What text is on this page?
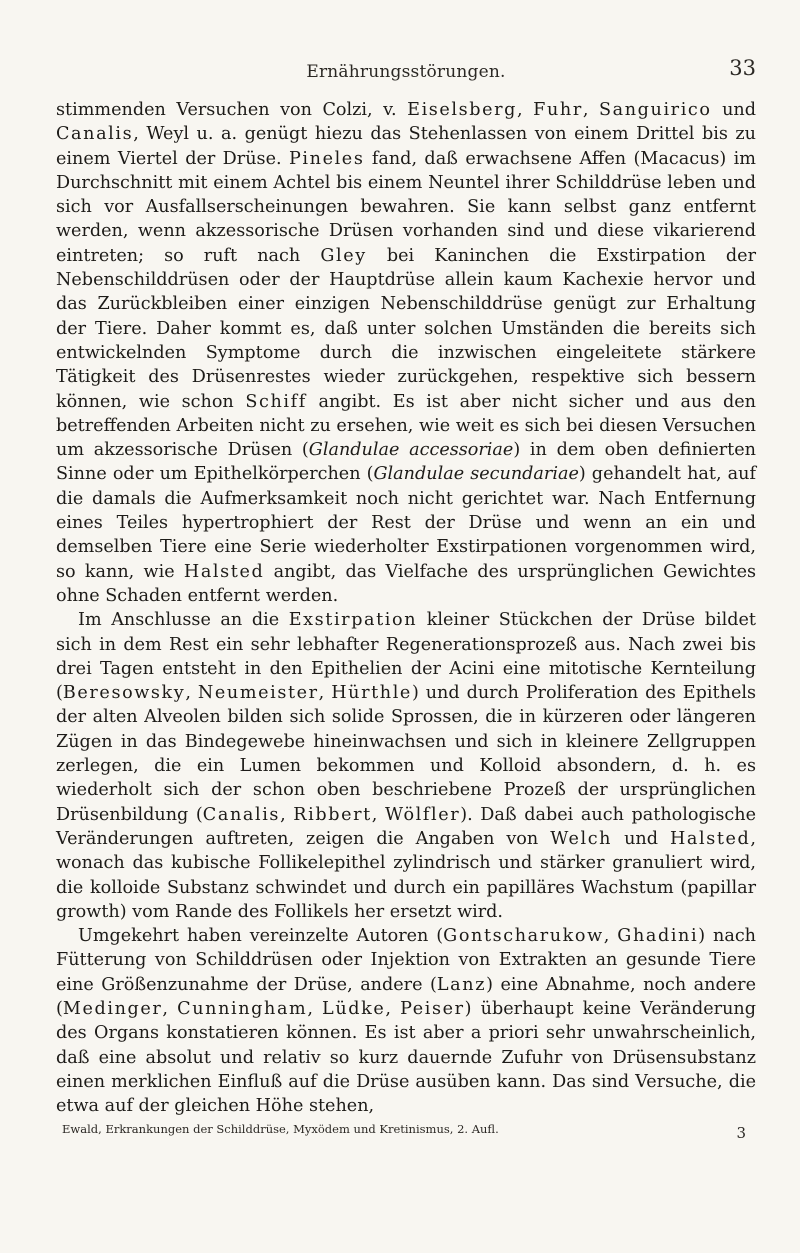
Ernährungsstörungen.	33

stimmenden Versuchen von Colzi, v. Eiselsberg, Fuhr, Sanguirico und Canalis, Weyl u. a. genügt hiezu das Stehenlassen von einem Drittel bis zu einem Viertel der Drüse. Pineles fand, daß erwachsene Affen (Macacus) im Durchschnitt mit einem Achtel bis einem Neuntel ihrer Schilddrüse leben und sich vor Ausfallserscheinungen bewahren. Sie kann selbst ganz entfernt werden, wenn akzessorische Drüsen vorhanden sind und diese vikarierend eintreten; so ruft nach Gley bei Kaninchen die Exstirpation der Nebenschilddrüsen oder der Hauptdrüse allein kaum Kachexie hervor und das Zurückbleiben einer einzigen Nebenschilddrüse genügt zur Erhaltung der Tiere. Daher kommt es, daß unter solchen Umständen die bereits sich entwickelnden Symptome durch die inzwischen eingeleitete stärkere Tätigkeit des Drüsenrestes wieder zurückgehen, respektive sich bessern können, wie schon Schiff angibt. Es ist aber nicht sicher und aus den betreffenden Arbeiten nicht zu ersehen, wie weit es sich bei diesen Versuchen um akzessorische Drüsen (Glandulae accessoriae) in dem oben definierten Sinne oder um Epithelkörperchen (Glandulae secundariae) gehandelt hat, auf die damals die Aufmerksamkeit noch nicht gerichtet war. Nach Entfernung eines Teiles hypertrophiert der Rest der Drüse und wenn an ein und demselben Tiere eine Serie wiederholter Exstirpationen vorgenommen wird, so kann, wie Halsted angibt, das Vielfache des ursprünglichen Gewichtes ohne Schaden entfernt werden.

Im Anschlusse an die Exstirpation kleiner Stückchen der Drüse bildet sich in dem Rest ein sehr lebhafter Regenerationsprozeß aus. Nach zwei bis drei Tagen entsteht in den Epithelien der Acini eine mitotische Kernteilung (Beresowsky, Neumeister, Hürthle) und durch Proliferation des Epithels der alten Alveolen bilden sich solide Sprossen, die in kürzeren oder längeren Zügen in das Bindegewebe hineinwachsen und sich in kleinere Zellgruppen zerlegen, die ein Lumen bekommen und Kolloid absondern, d. h. es wiederholt sich der schon oben beschriebene Prozeß der ursprünglichen Drüsenbildung (Canalis, Ribbert, Wölfler). Daß dabei auch pathologische Veränderungen auftreten, zeigen die Angaben von Welch und Halsted, wonach das kubische Follikelepithel zylindrisch und stärker granuliert wird, die kolloide Substanz schwindet und durch ein papilläres Wachstum (papillar growth) vom Rande des Follikels her ersetzt wird.

Umgekehrt haben vereinzelte Autoren (Gontscharukow, Ghadini) nach Fütterung von Schilddrüsen oder Injektion von Extrakten an gesunde Tiere eine Größenzunahme der Drüse, andere (Lanz) eine Abnahme, noch andere (Medinger, Cunningham, Lüdke, Peiser) überhaupt keine Veränderung des Organs konstatieren können. Es ist aber a priori sehr unwahrscheinlich, daß eine absolut und relativ so kurz dauernde Zufuhr von Drüsensubstanz einen merklichen Einfluß auf die Drüse ausüben kann. Das sind Versuche, die etwa auf der gleichen Höhe stehen,

Ewald, Erkrankungen der Schilddrüse, Myxödem und Kretinismus, 2. Aufl.	3
